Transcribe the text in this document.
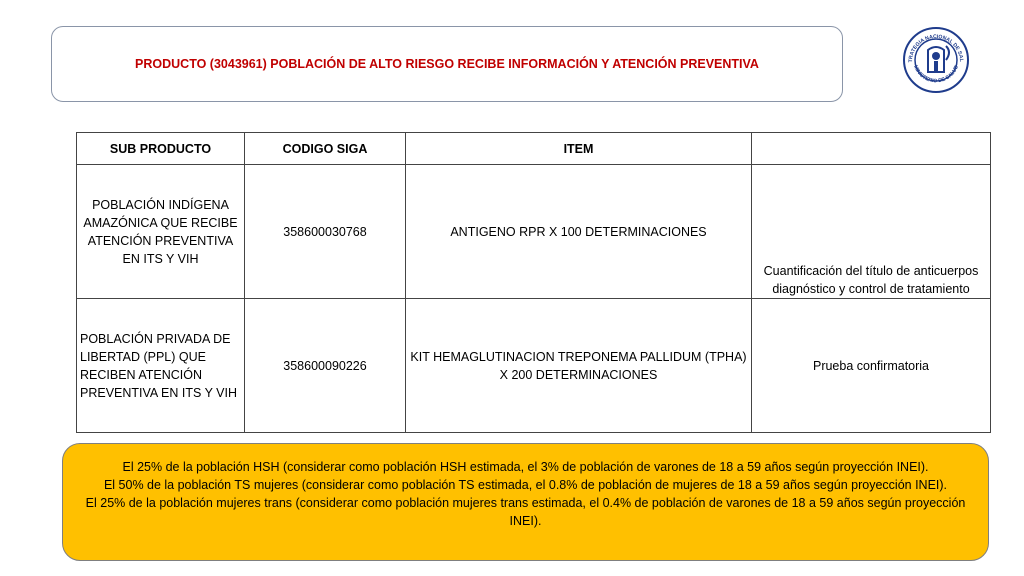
PRODUCTO (3043961) POBLACIÓN DE ALTO RIESGO RECIBE INFORMACIÓN Y ATENCIÓN PREVENTIVA	TRATEGIA NACIONAL DE SAL
MINISTERIO DE SALUD
SUB PRODUCTO	CODIGO SIGA	ITEM	
POBLACIÓN INDÍGENA AMAZÓNICA QUE RECIBE ATENCIÓN PREVENTIVA EN ITS Y VIH	358600030768	ANTIGENO RPR X 100 DETERMINACIONES	Cuantificación del título de anticuerpos diagnóstico y control de tratamiento
POBLACIÓN PRIVADA DE LIBERTAD (PPL) QUE RECIBEN ATENCIÓN PREVENTIVA EN ITS Y VIH	358600090226	KIT HEMAGLUTINACION TREPONEMA PALLIDUM (TPHA) X 200 DETERMINACIONES	Prueba confirmatoria
El 25% de la población HSH (considerar como población HSH estimada, el 3% de población de varones de 18 a 59 años según proyección INEI).
El 50% de la población TS mujeres (considerar como población TS estimada, el 0.8% de población de mujeres de 18 a 59 años según proyección INEI).
El 25% de la población mujeres trans (considerar como población mujeres trans estimada, el 0.4% de población de varones de 18 a 59 años según proyección INEI).
